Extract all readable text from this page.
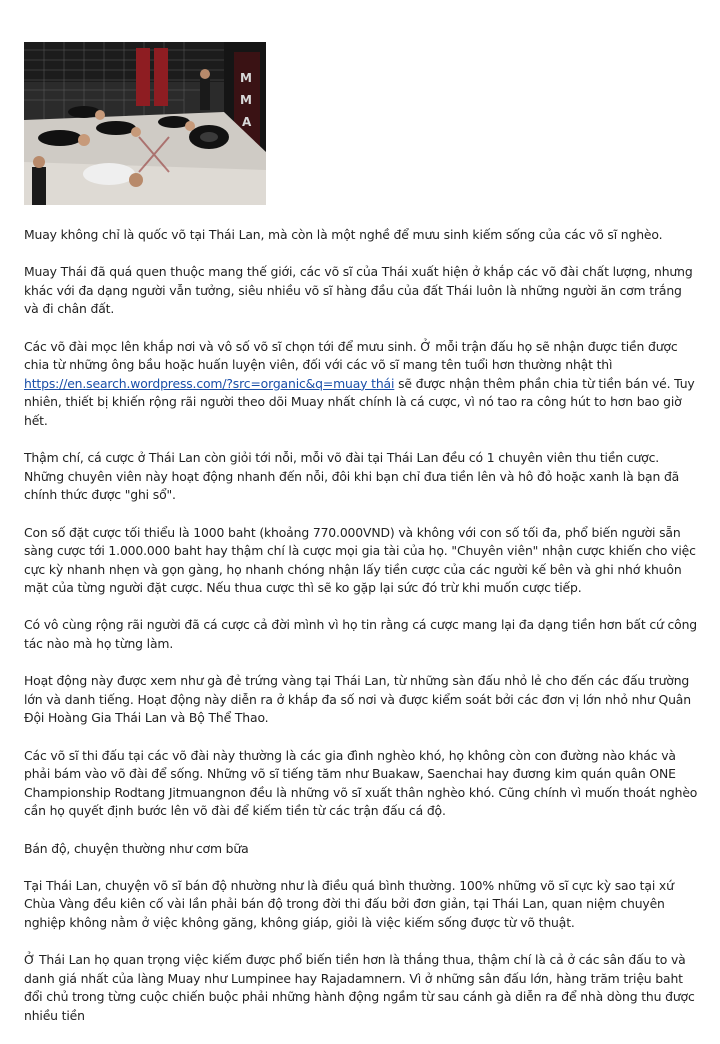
M
M
A

Muay không chỉ là quốc võ tại Thái Lan, mà còn là một nghề để mưu sinh kiếm sống của các võ sĩ nghèo.

Muay Thái đã quá quen thuộc mang thế giới, các võ sĩ của Thái xuất hiện ở khắp các võ đài chất lượng, nhưng khác với đa dạng người vẫn tưởng, siêu nhiều võ sĩ hàng đầu của đất Thái luôn là những người ăn cơm trắng và đi chân đất.

Các võ đài mọc lên khắp nơi và vô số võ sĩ chọn tới để mưu sinh. Ở mỗi trận đấu họ sẽ nhận được tiền được chia từ những ông bầu hoặc huấn luyện viên, đối với các võ sĩ mang tên tuổi hơn thường nhật thì https://en.search.wordpress.com/?src=organic&q=muay thái sẽ được nhận thêm phần chia từ tiền bán vé. Tuy nhiên, thiết bị khiến rộng rãi người theo dõi Muay nhất chính là cá cược, vì nó tao ra công hút to hơn bao giờ hết.

Thậm chí, cá cược ở Thái Lan còn giỏi tới nỗi, mỗi võ đài tại Thái Lan đều có 1 chuyên viên thu tiền cược. Những chuyên viên này hoạt động nhanh đến nỗi, đôi khi bạn chỉ đưa tiền lên và hô đỏ hoặc xanh là bạn đã chính thức được "ghi sổ".

Con số đặt cược tối thiểu là 1000 baht (khoảng 770.000VND) và không với con số tối đa, phổ biến người sẵn sàng cược tới 1.000.000 baht hay thậm chí là cược mọi gia tài của họ. "Chuyên viên" nhận cược khiến cho việc cực kỳ nhanh nhẹn và gọn gàng, họ nhanh chóng nhận lấy tiền cược của các người kế bên và ghi nhớ khuôn mặt của từng người đặt cược. Nếu thua cược thì sẽ ko gặp lại sức đó trừ khi muốn cược tiếp.

Có vô cùng rộng rãi người đã cá cược cả đời mình vì họ tin rằng cá cược mang lại đa dạng tiền hơn bất cứ công tác nào mà họ từng làm.

Hoạt động này được xem như gà đẻ trứng vàng tại Thái Lan, từ những sàn đấu nhỏ lẻ cho đến các đấu trường lớn và danh tiếng. Hoạt động này diễn ra ở khắp đa số nơi và được kiểm soát bởi các đơn vị lớn nhỏ như Quân Đội Hoàng Gia Thái Lan và Bộ Thể Thao.

Các võ sĩ thi đấu tại các võ đài này thường là các gia đình nghèo khó, họ không còn con đường nào khác và phải bám vào võ đài để sống. Những võ sĩ tiếng tăm như Buakaw, Saenchai hay đương kim quán quân ONE Championship Rodtang Jitmuangnon đều là những võ sĩ xuất thân nghèo khó. Cũng chính vì muốn thoát nghèo cần họ quyết định bước lên võ đài để kiếm tiền từ các trận đấu cá độ.

Bán độ, chuyện thường như cơm bữa

Tại Thái Lan, chuyện võ sĩ bán độ nhường như là điều quá bình thường. 100% những võ sĩ cực kỳ sao tại xứ Chùa Vàng đều kiên cố vài lần phải bán độ trong đời thi đấu bởi đơn giản, tại Thái Lan, quan niệm chuyên nghiệp không nằm ở việc không găng, không giáp, giỏi là việc kiếm sống được từ võ thuật.

Ở Thái Lan họ quan trọng việc kiếm được phổ biến tiền hơn là thắng thua, thậm chí là cả ở các sân đấu to và danh giá nhất của làng Muay như Lumpinee hay Rajadamnern. Vì ở những sân đấu lớn, hàng trăm triệu baht đổi chủ trong từng cuộc chiến buộc phải những hành động ngầm từ sau cánh gà diễn ra để nhà dòng thu được nhiều tiền
